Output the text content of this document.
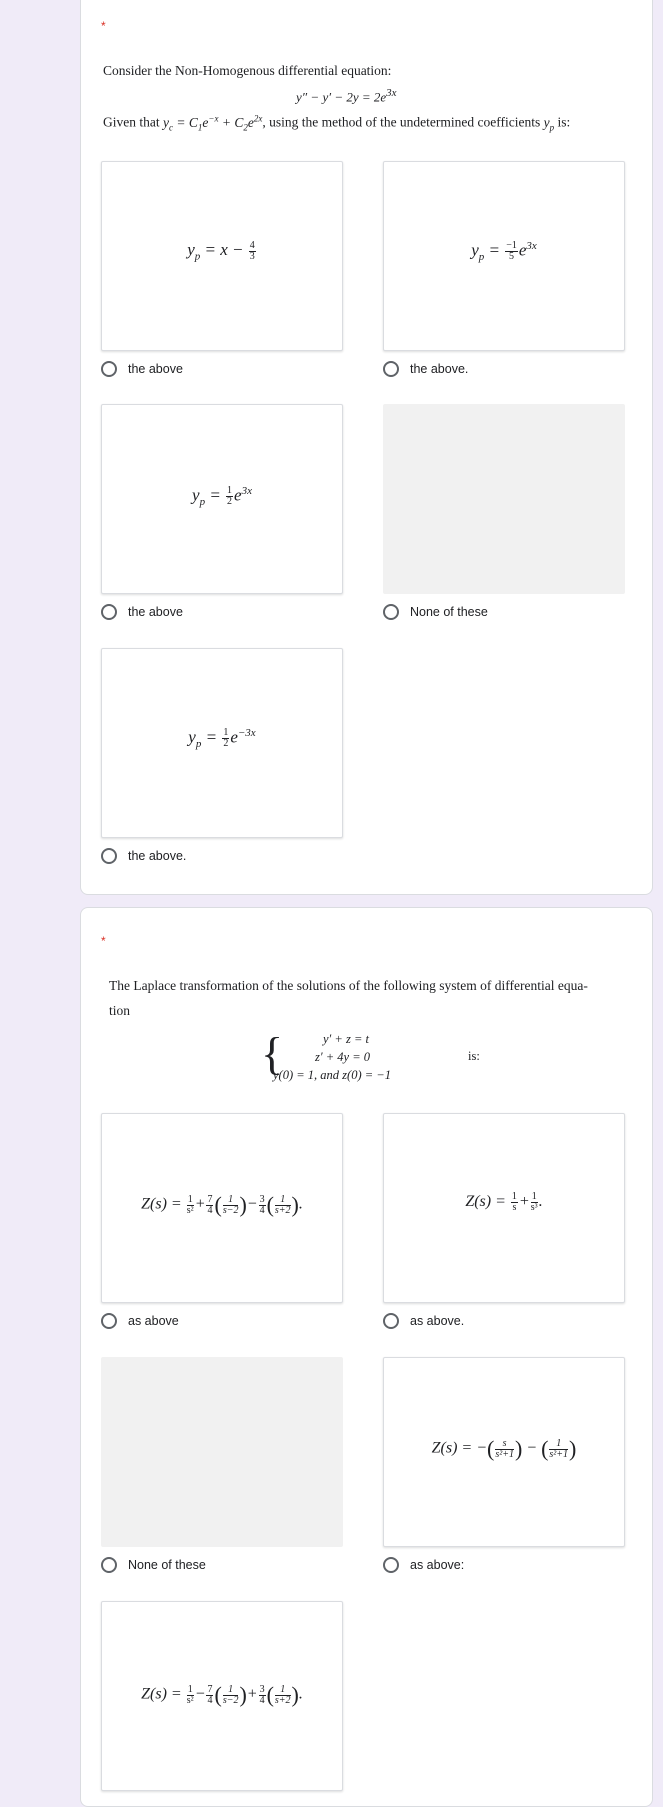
*
Consider the Non-Homogenous differential equation:
$y'' - y' - 2y = 2e^{3x}$
Given that $y_c = C_1e^{-x} + C_2e^{2x}$, using the method of the undetermined coefficients $y_p$ is:
$y_p = x - \frac{4}{3}$
the above
$y_p = \frac{-1}{5} e^{3x}$
the above.
$y_p = \frac{1}{2} e^{3x}$
the above	None of these
$y_p = \frac{1}{2} e^{-3x}$
the above.
*
The Laplace transformation of the solutions of the following system of differential equa-
tion
{	y′ + z = t
z′ + 4y = 0
y(0) = 1, and z(0) = −1
is:
$Z(s) = \frac{1}{\text{s²}} + \frac{7}{4}$ ( $\frac{1}{s-2}$ )− $\frac{3}{4}$ ( $\frac{1}{s+2}$ ).
as above
$Z(s) = \frac{1}{s} + \frac{1}{\text{s³}}$ .
as above.
None of these
Z(s) = −( $\frac{s}{\text{s²+1}}$ ) − ( $\frac{1}{\text{s²+1}}$ )
as above:
$Z(s) = \frac{1}{\text{s²}} - \frac{7}{4}$ ( $\frac{1}{s-2}$ )+ $\frac{3}{4}$ ( $\frac{1}{s+2}$ ).
